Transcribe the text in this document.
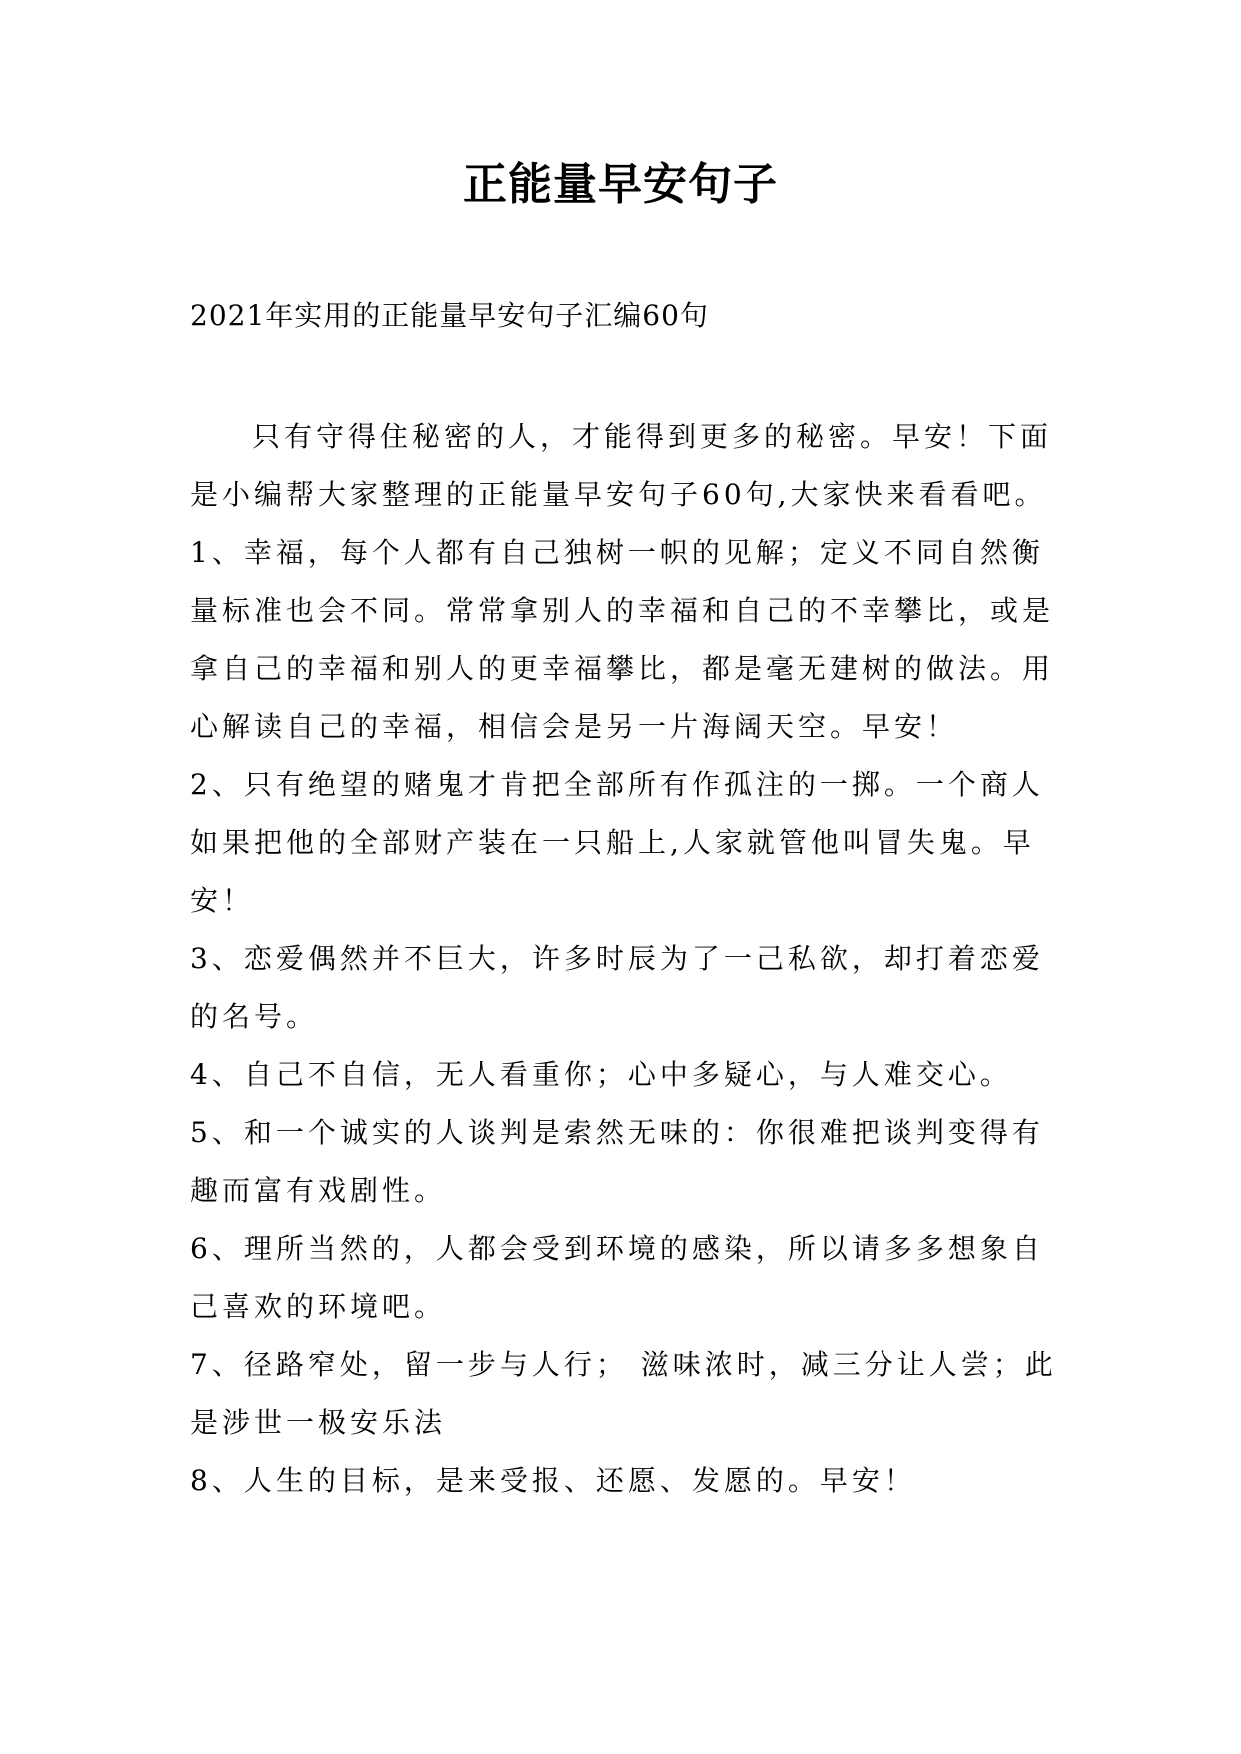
正能量早安句子
2021年实用的正能量早安句子汇编60句

只有守得住秘密的人，才能得到更多的秘密。早安！下面是小编帮大家整理的正能量早安句子60句,大家快来看看吧。

1、幸福，每个人都有自己独树一帜的见解；定义不同自然衡量标准也会不同。常常拿别人的幸福和自己的不幸攀比，或是拿自己的幸福和别人的更幸福攀比，都是毫无建树的做法。用心解读自己的幸福，相信会是另一片海阔天空。早安！

2、只有绝望的赌鬼才肯把全部所有作孤注的一掷。一个商人如果把他的全部财产装在一只船上,人家就管他叫冒失鬼。早安！

3、恋爱偶然并不巨大，许多时辰为了一己私欲，却打着恋爱的名号。

4、自己不自信，无人看重你；心中多疑心，与人难交心。

5、和一个诚实的人谈判是索然无味的：你很难把谈判变得有趣而富有戏剧性。

6、理所当然的，人都会受到环境的感染，所以请多多想象自己喜欢的环境吧。

7、径路窄处，留一步与人行； 滋味浓时，减三分让人尝；此是涉世一极安乐法

8、人生的目标，是来受报、还愿、发愿的。早安！
